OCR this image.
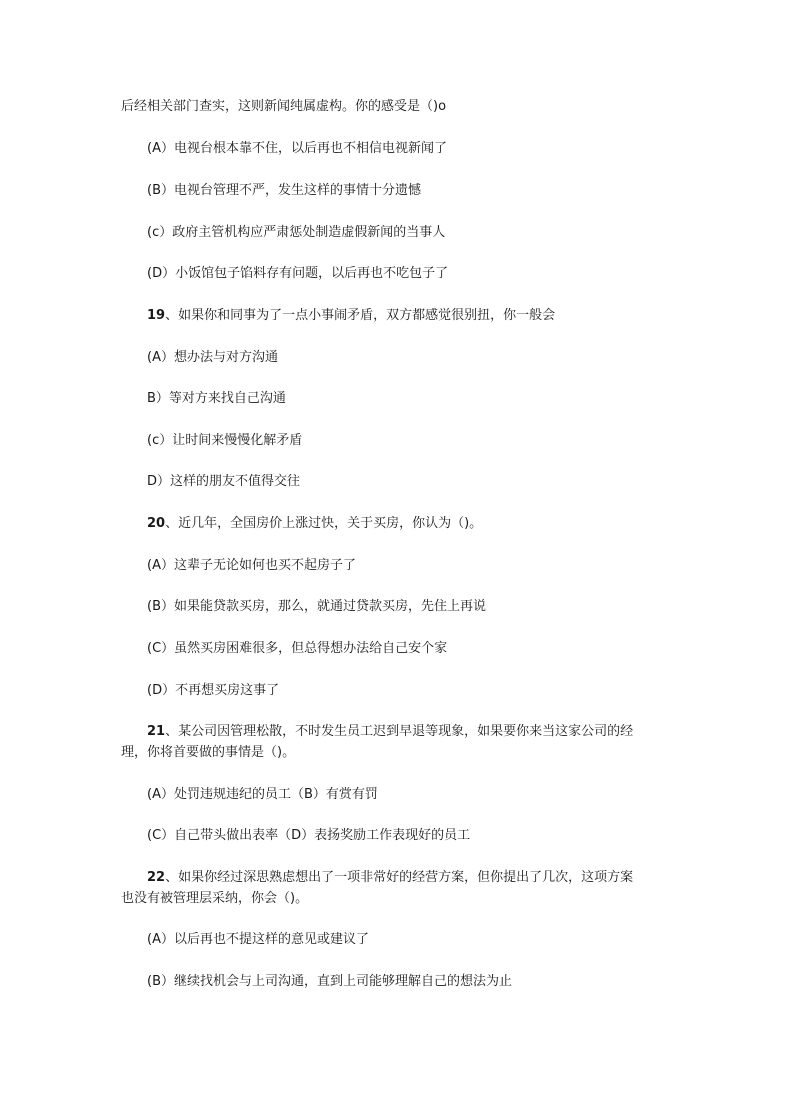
后经相关部门查实，这则新闻纯属虚构。你的感受是（)o
(A）电视台根本靠不住，以后再也不相信电视新闻了
(B）电视台管理不严，发生这样的事情十分遗憾
(c）政府主管机构应严肃惩处制造虚假新闻的当事人
(D）小饭馆包子馅料存有问题，以后再也不吃包子了
19、如果你和同事为了一点小事闹矛盾，双方都感觉很别扭，你一般会
(A）想办法与对方沟通
B）等对方来找自己沟通
(c）让时间来慢慢化解矛盾
D）这样的朋友不值得交往
20、近几年，全国房价上涨过快，关于买房，你认为（)。
(A）这辈子无论如何也买不起房子了
(B）如果能贷款买房，那么，就通过贷款买房，先住上再说
(C）虽然买房困难很多，但总得想办法给自己安个家
(D）不再想买房这事了
21、某公司因管理松散，不时发生员工迟到早退等现象，如果要你来当这家公司的经
理，你将首要做的事情是（)。
(A）处罚违规违纪的员工（B）有赏有罚
(C）自己带头做出表率（D）表扬奖励工作表现好的员工
22、如果你经过深思熟虑想出了一项非常好的经营方案，但你提出了几次，这项方案
也没有被管理层采纳，你会（)。
(A）以后再也不提这样的意见或建议了
(B）继续找机会与上司沟通，直到上司能够理解自己的想法为止
